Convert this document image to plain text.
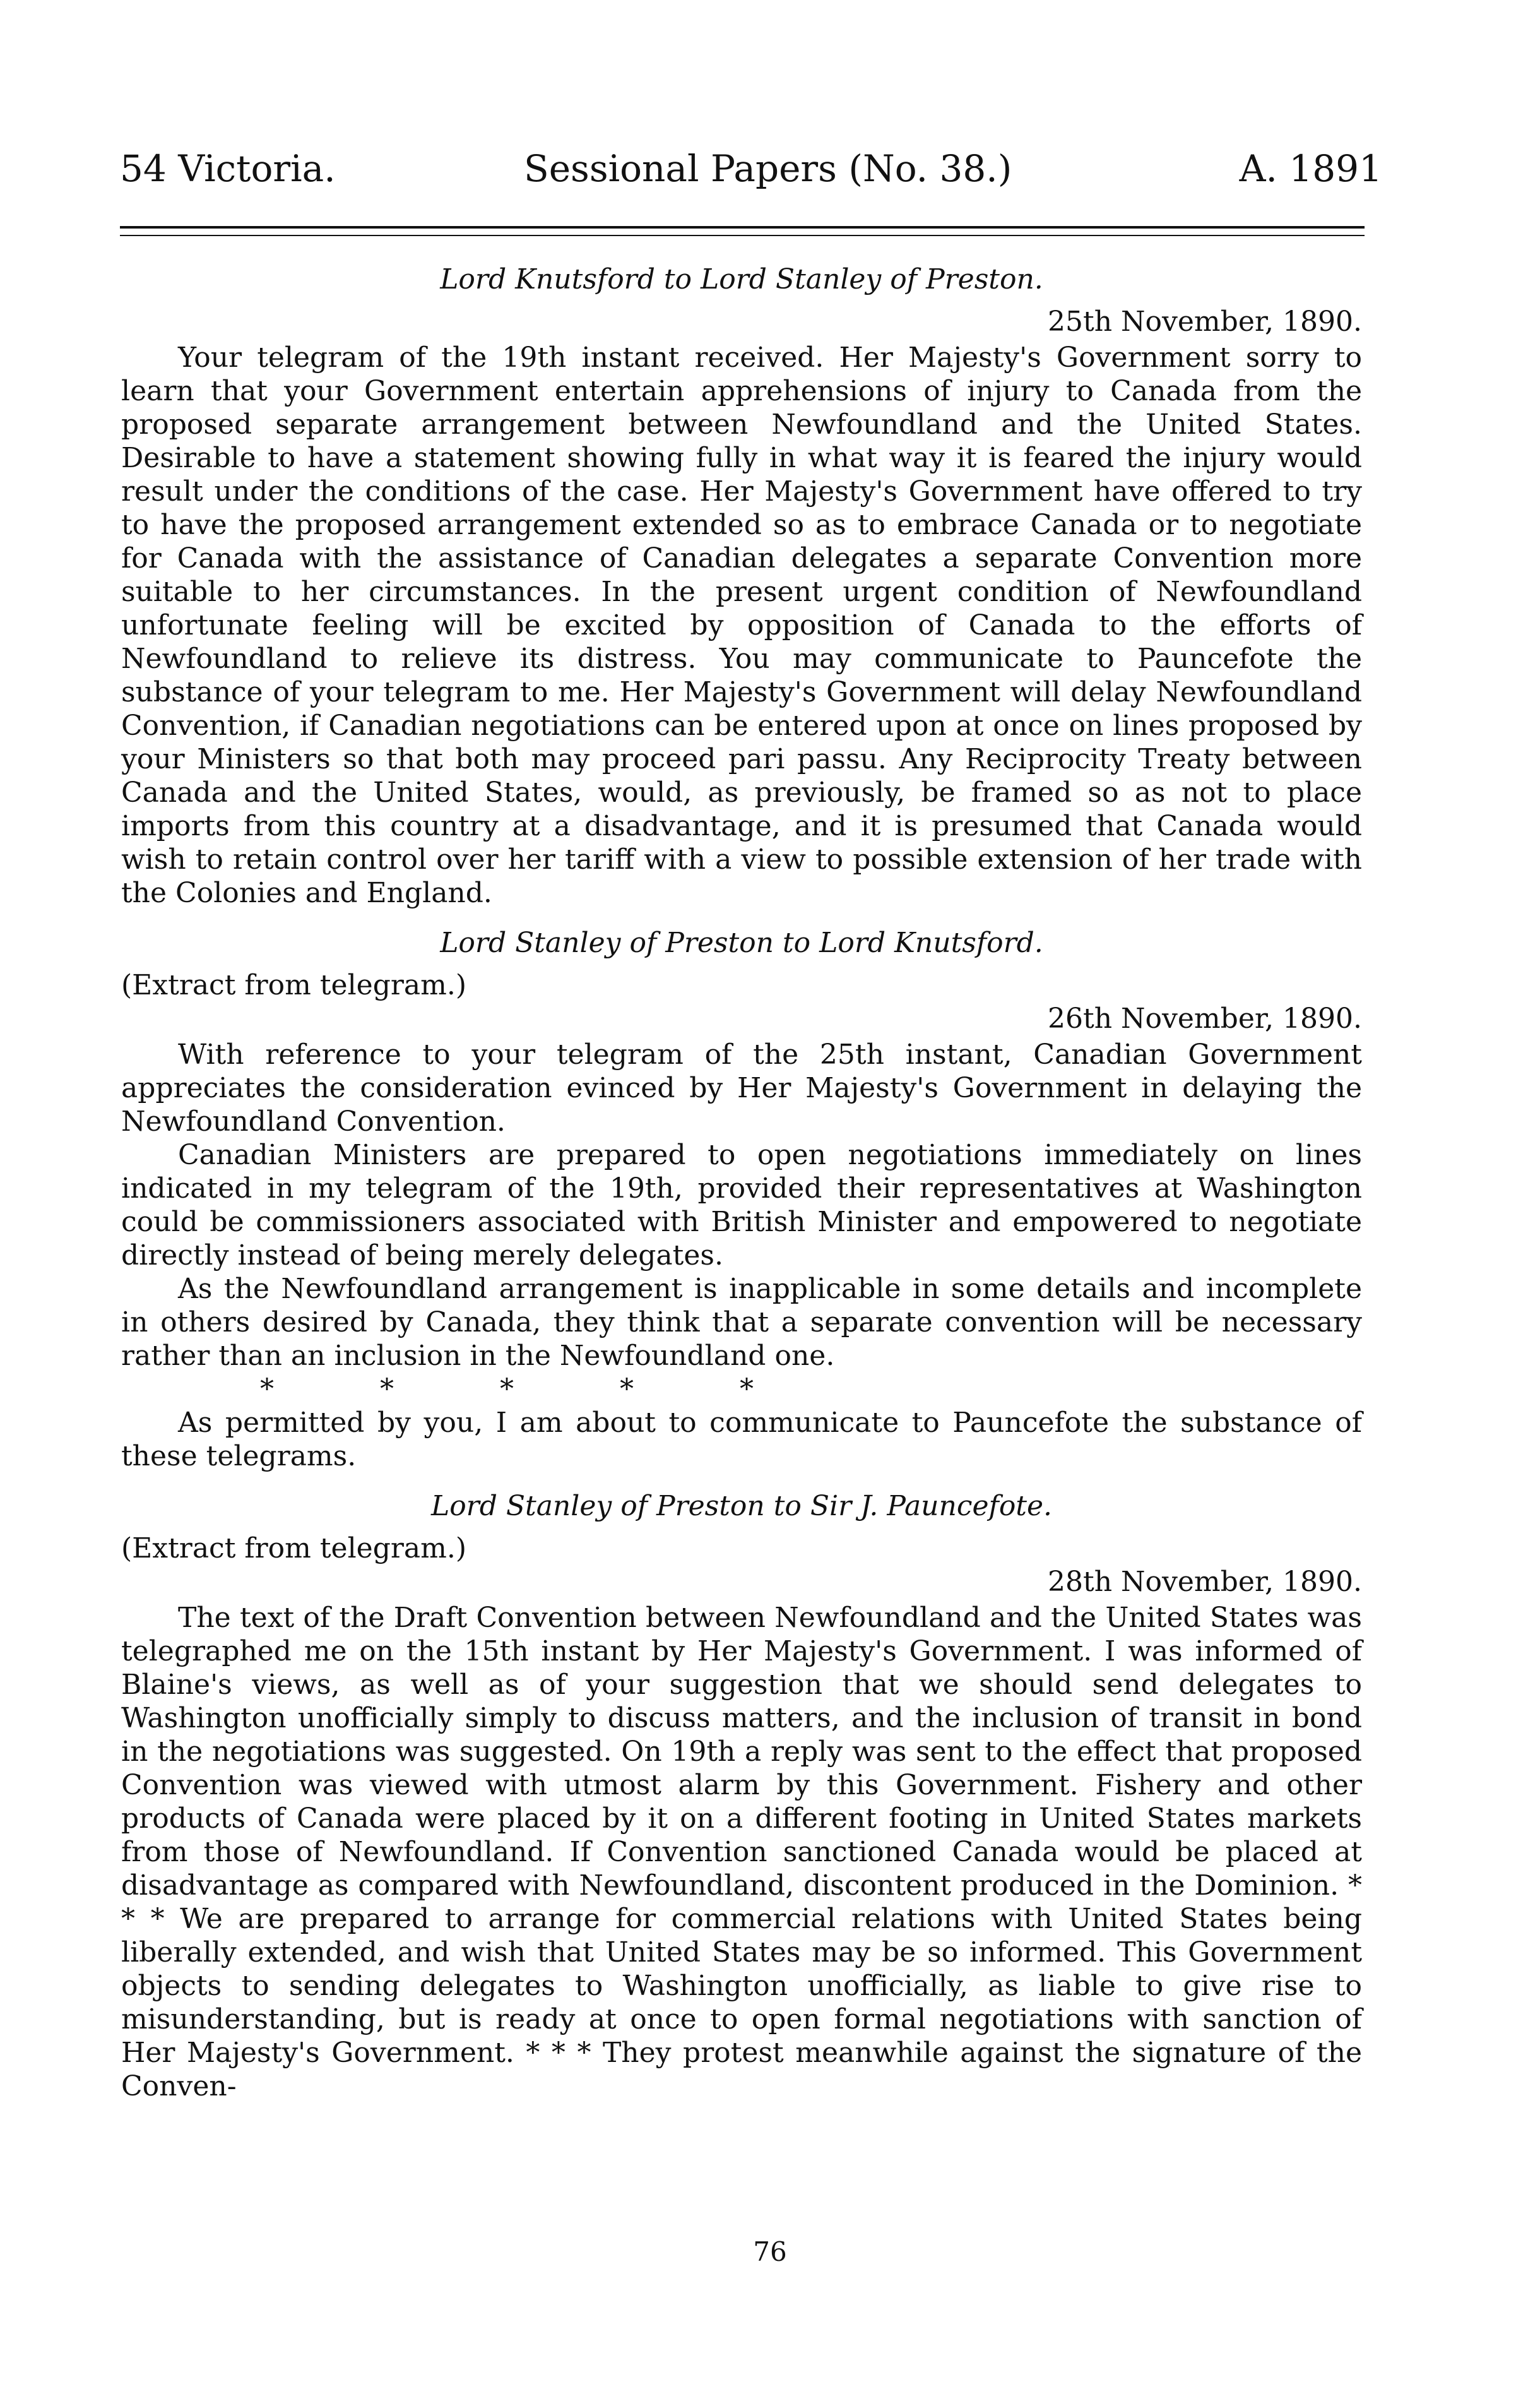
54 Victoria.	Sessional Papers (No. 38.)	A. 1891
Lord Knutsford to Lord Stanley of Preston.
25th November, 1890.

Your telegram of the 19th instant received. Her Majesty's Government sorry to learn that your Government entertain apprehensions of injury to Canada from the proposed separate arrangement between Newfoundland and the United States. Desirable to have a statement showing fully in what way it is feared the injury would result under the conditions of the case. Her Majesty's Government have offered to try to have the proposed arrangement extended so as to embrace Canada or to negotiate for Canada with the assistance of Canadian delegates a separate Convention more suitable to her circumstances. In the present urgent condition of Newfoundland unfortunate feeling will be excited by opposition of Canada to the efforts of Newfoundland to relieve its distress. You may communicate to Pauncefote the substance of your telegram to me. Her Majesty's Government will delay Newfoundland Convention, if Canadian negotiations can be entered upon at once on lines proposed by your Ministers so that both may proceed pari passu. Any Reciprocity Treaty between Canada and the United States, would, as previously, be framed so as not to place imports from this country at a disadvantage, and it is presumed that Canada would wish to retain control over her tariff with a view to possible extension of her trade with the Colonies and England.

Lord Stanley of Preston to Lord Knutsford.
(Extract from telegram.)
26th November, 1890.

With reference to your telegram of the 25th instant, Canadian Government appreciates the consideration evinced by Her Majesty's Government in delaying the Newfoundland Convention.

Canadian Ministers are prepared to open negotiations immediately on lines indicated in my telegram of the 19th, provided their representatives at Washington could be commissioners associated with British Minister and empowered to negotiate directly instead of being merely delegates.

As the Newfoundland arrangement is inapplicable in some details and incomplete in others desired by Canada, they think that a separate convention will be necessary rather than an inclusion in the Newfoundland one.

*	*	*	*	*

As permitted by you, I am about to communicate to Pauncefote the substance of these telegrams.

Lord Stanley of Preston to Sir J. Pauncefote.
(Extract from telegram.)
28th November, 1890.

The text of the Draft Convention between Newfoundland and the United States was telegraphed me on the 15th instant by Her Majesty's Government. I was informed of Blaine's views, as well as of your suggestion that we should send delegates to Washington unofficially simply to discuss matters, and the inclusion of transit in bond in the negotiations was suggested. On 19th a reply was sent to the effect that proposed Convention was viewed with utmost alarm by this Government. Fishery and other products of Canada were placed by it on a different footing in United States markets from those of Newfoundland. If Convention sanctioned Canada would be placed at disadvantage as compared with Newfoundland, discontent produced in the Dominion. * * * We are prepared to arrange for commercial relations with United States being liberally extended, and wish that United States may be so informed. This Government objects to sending delegates to Washington unofficially, as liable to give rise to misunderstanding, but is ready at once to open formal negotiations with sanction of Her Majesty's Government. * * * They protest meanwhile against the signature of the Conven-

76
